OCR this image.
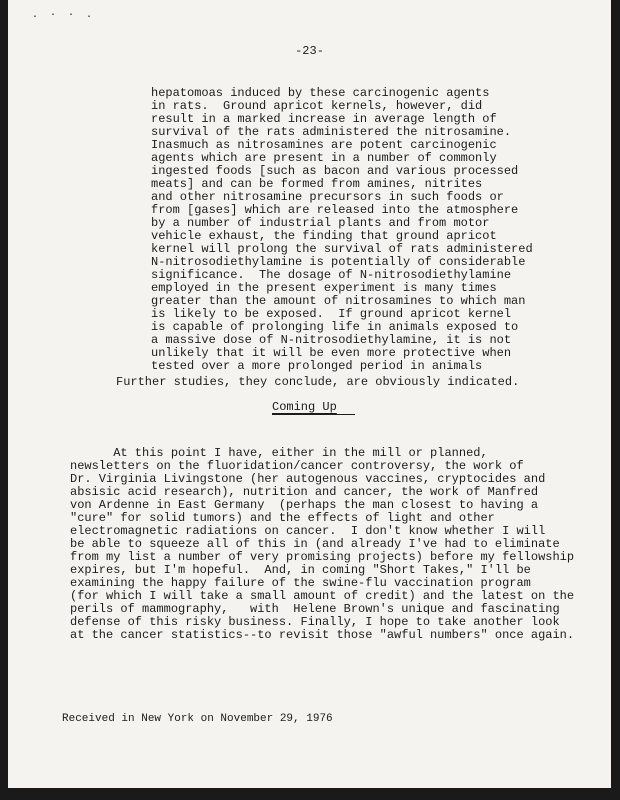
. · · .
-23-
hepatomoas induced by these carcinogenic agents
in rats.  Ground apricot kernels, however, did
result in a marked increase in average length of
survival of the rats administered the nitrosamine.
Inasmuch as nitrosamines are potent carcinogenic
agents which are present in a number of commonly
ingested foods [such as bacon and various processed
meats] and can be formed from amines, nitrites
and other nitrosamine precursors in such foods or
from [gases] which are released into the atmosphere
by a number of industrial plants and from motor
vehicle exhaust, the finding that ground apricot
kernel will prolong the survival of rats administered
N-nitrosodiethylamine is potentially of considerable
significance.  The dosage of N-nitrosodiethylamine
employed in the present experiment is many times
greater than the amount of nitrosamines to which man
is likely to be exposed.  If ground apricot kernel
is capable of prolonging life in animals exposed to
a massive dose of N-nitrosodiethylamine, it is not
unlikely that it will be even more protective when
tested over a more prolonged period in animals
Further studies, they conclude, are obviously indicated.
Coming Up
At this point I have, either in the mill or planned,
newsletters on the fluoridation/cancer controversy, the work of
Dr. Virginia Livingstone (her autogenous vaccines, cryptocides and
absisic acid research), nutrition and cancer, the work of Manfred
von Ardenne in East Germany  (perhaps the man closest to having a
"cure" for solid tumors) and the effects of light and other
electromagnetic radiations on cancer.  I don't know whether I will
be able to squeeze all of this in (and already I've had to eliminate
from my list a number of very promising projects) before my fellowship
expires, but I'm hopeful.  And, in coming "Short Takes," I'll be
examining the happy failure of the swine-flu vaccination program
(for which I will take a small amount of credit) and the latest on the
perils of mammography,   with  Helene Brown's unique and fascinating
defense of this risky business. Finally, I hope to take another look
at the cancer statistics--to revisit those "awful numbers" once again.
Received in New York on November 29, 1976
